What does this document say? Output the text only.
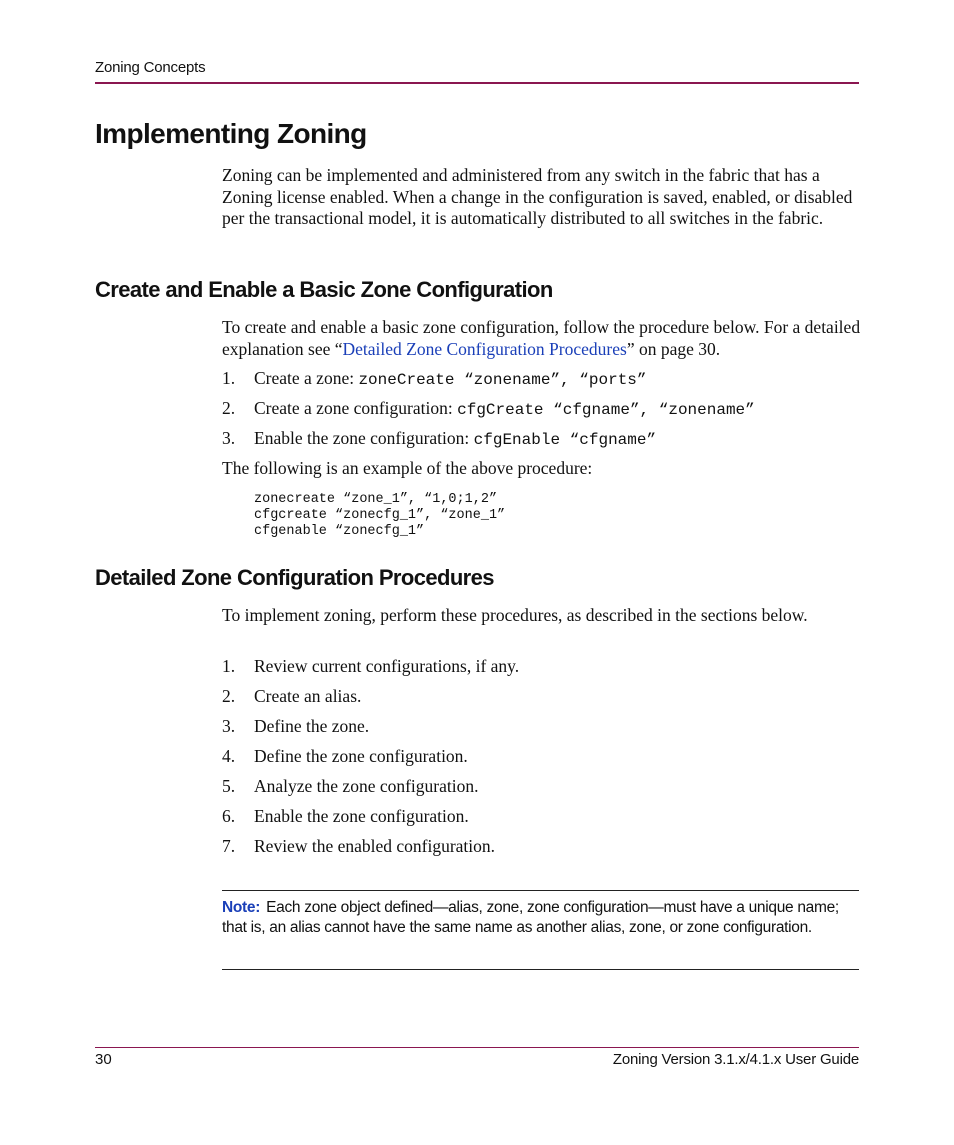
Zoning Concepts
Implementing Zoning

Zoning can be implemented and administered from any switch in the fabric that has a Zoning license enabled. When a change in the configuration is saved, enabled, or disabled per the transactional model, it is automatically distributed to all switches in the fabric.

Create and Enable a Basic Zone Configuration

To create and enable a basic zone configuration, follow the procedure below. For a detailed explanation see “Detailed Zone Configuration Procedures” on page 30.

1. Create a zone: zoneCreate “zonename”, “ports”
2. Create a zone configuration: cfgCreate “cfgname”, “zonename”
3. Enable the zone configuration: cfgEnable “cfgname”

The following is an example of the above procedure:

zonecreate “zone_1”, “1,0;1,2”
cfgcreate “zonecfg_1”, “zone_1”
cfgenable “zonecfg_1”
Detailed Zone Configuration Procedures

To implement zoning, perform these procedures, as described in the sections below.

1. Review current configurations, if any.
2. Create an alias.
3. Define the zone.
4. Define the zone configuration.
5. Analyze the zone configuration.
6. Enable the zone configuration.
7. Review the enabled configuration.
Note: Each zone object defined—alias, zone, zone configuration—must have a unique name; that is, an alias cannot have the same name as another alias, zone, or zone configuration.
30	Zoning Version 3.1.x/4.1.x User Guide
